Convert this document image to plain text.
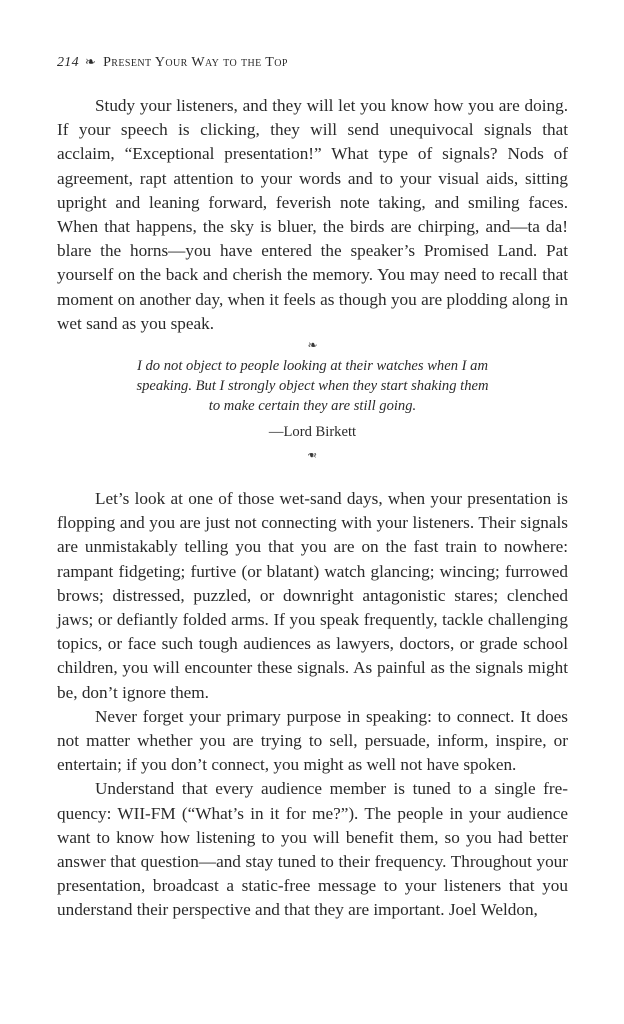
214 ❧ Present Your Way to the Top

Study your listeners, and they will let you know how you are doing. If your speech is clicking, they will send unequivocal signals that acclaim, “Exceptional presentation!” What type of signals? Nods of agreement, rapt attention to your words and to your visual aids, sitting upright and leaning forward, feverish note taking, and smiling faces. When that happens, the sky is bluer, the birds are chirping, and—ta da! blare the horns—you have entered the speaker’s Promised Land. Pat yourself on the back and cherish the memory. You may need to recall that moment on another day, when it feels as though you are plodding along in wet sand as you speak.

❧
I do not object to people looking at their watches when I am speaking. But I strongly object when they start shaking them to make certain they are still going.
—Lord Birkett
❧

Let’s look at one of those wet-sand days, when your presentation is flopping and you are just not connecting with your listeners. Their signals are unmistakably telling you that you are on the fast train to nowhere: rampant fidgeting; furtive (or blatant) watch glancing; wincing; furrowed brows; distressed, puzzled, or downright antagonistic stares; clenched jaws; or defiantly folded arms. If you speak frequently, tackle challenging topics, or face such tough audiences as lawyers, doctors, or grade school children, you will encounter these signals. As painful as the signals might be, don’t ignore them.

Never forget your primary purpose in speaking: to connect. It does not matter whether you are trying to sell, persuade, inform, inspire, or entertain; if you don’t connect, you might as well not have spoken.

Understand that every audience member is tuned to a single frequency: WII-FM (“What’s in it for me?”). The people in your audience want to know how listening to you will benefit them, so you had better answer that question—and stay tuned to their frequency. Throughout your presentation, broadcast a static-free message to your listeners that you understand their perspective and that they are important. Joel Weldon,
